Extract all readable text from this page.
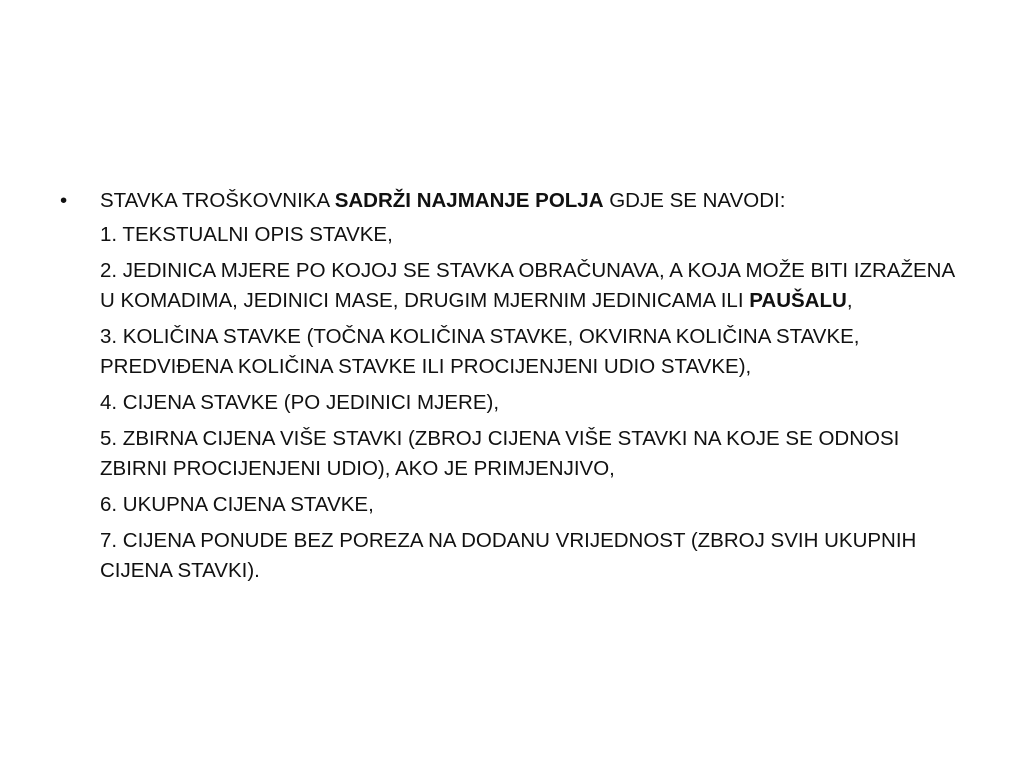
•	STAVKA TROŠKOVNIKA SADRŽI NAJMANJE POLJA GDJE SE NAVODI:
1. TEKSTUALNI OPIS STAVKE,
2. JEDINICA MJERE PO KOJOJ SE STAVKA OBRAČUNAVA, A KOJA MOŽE BITI IZRAŽENA U KOMADIMA, JEDINICI MASE, DRUGIM MJERNIM JEDINICAMA ILI PAUŠALU,
3. KOLIČINA STAVKE (TOČNA KOLIČINA STAVKE, OKVIRNA KOLIČINA STAVKE, PREDVIĐENA KOLIČINA STAVKE ILI PROCIJENJENI UDIO STAVKE),
4. CIJENA STAVKE (PO JEDINICI MJERE),
5. ZBIRNA CIJENA VIŠE STAVKI (ZBROJ CIJENA VIŠE STAVKI NA KOJE SE ODNOSI ZBIRNI PROCIJENJENI UDIO), AKO JE PRIMJENJIVO,
6. UKUPNA CIJENA STAVKE,
7. CIJENA PONUDE BEZ POREZA NA DODANU VRIJEDNOST (ZBROJ SVIH UKUPNIH CIJENA STAVKI).
